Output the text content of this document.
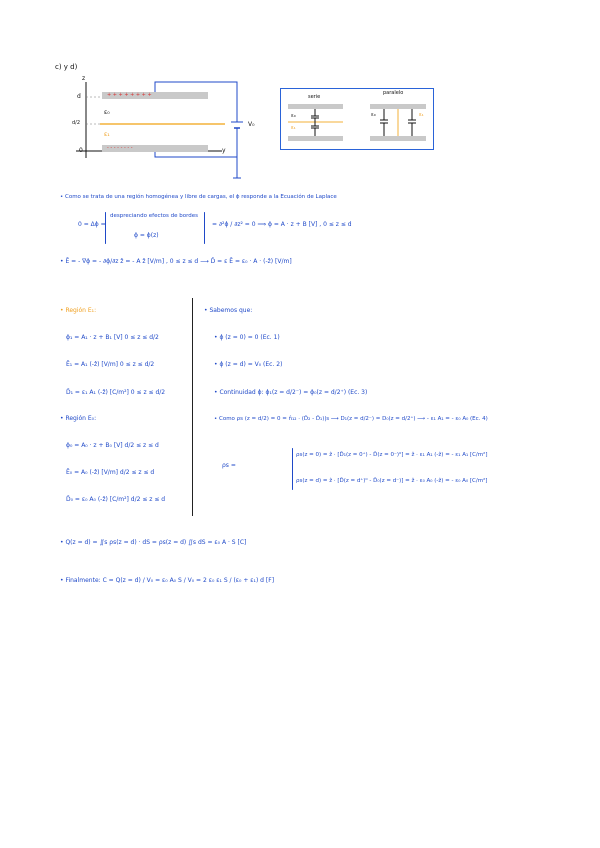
c) y d)
+ + + + + + + +
- - - - - - - -
z
y
d
d/2
0
ε₀
ε₁
V₀
serie
paralelo
ε₀
ε₁
ε₀	ε₁
• Como se trata de una región homogénea y libre de cargas, el ϕ responde a la Ecuación de Laplace
0 = Δϕ =
despreciando efectos de bordes
ϕ = ϕ(z)
= ∂²ϕ / ∂z² = 0 ⟹ ϕ = A · z + B [V] , 0 ≤ z ≤ d
• Ē = - ∇ϕ = - ∂ϕ/∂z ẑ = - A ẑ [V/m] , 0 ≤ z ≤ d ⟶ D̄ = ε Ē = ε₀ · A · (-ẑ) [V/m]
• Región E₁:
ϕ₁ = A₁ · z + B₁ [V] 0 ≤ z ≤ d/2
Ē₁ = A₁ (-ẑ) [V/m] 0 ≤ z ≤ d/2
D̄₁ = ε₁ A₁ (-ẑ) [C/m²] 0 ≤ z ≤ d/2
• Región E₀:
ϕ₀ = A₀ · z + B₀ [V] d/2 ≤ z ≤ d
Ē₀ = A₀ (-ẑ) [V/m] d/2 ≤ z ≤ d
D̄₀ = ε₀ A₀ (-ẑ) [C/m²] d/2 ≤ z ≤ d
• Sabemos que:
• ϕ (z = 0) = 0 (Ec. 1)
• ϕ (z = d) = V₀ (Ec. 2)
• Continuidad ϕ: ϕ₁(z = d/2⁻) = ϕ₀(z = d/2⁺) (Ec. 3)
• Como ρs (z = d/2) = 0 = n̂₁₂ · (D̄₂ - D̄₁)|s ⟶ D₁(z = d/2⁻) = D₀(z = d/2⁺) ⟶ - ε₁ A₁ = - ε₀ A₀ (Ec. 4)
ρs =
ρs(z = 0) = ẑ · [D̄₁(z = 0⁺) - D̄(z = 0⁻)⁰] = ẑ · ε₁ A₁ (-ẑ) = - ε₁ A₁ [C/m²]
ρs(z = d) = ẑ · [D̄(z = d⁺)⁰ - D̄₀(z = d⁻)] = ẑ · ε₀ A₀ (-ẑ) = - ε₀ A₀ [C/m²]
• Q(z = d) = ∬s ρs(z = d) · dS = ρs(z = d) ∬s dS = ε₀ A · S [C]
• Finalmente: C = Q(z = d) / V₀ = ε₀ A₀ S / V₀ = 2 ε₀ ε₁ S / (ε₀ + ε₁) d [F]
